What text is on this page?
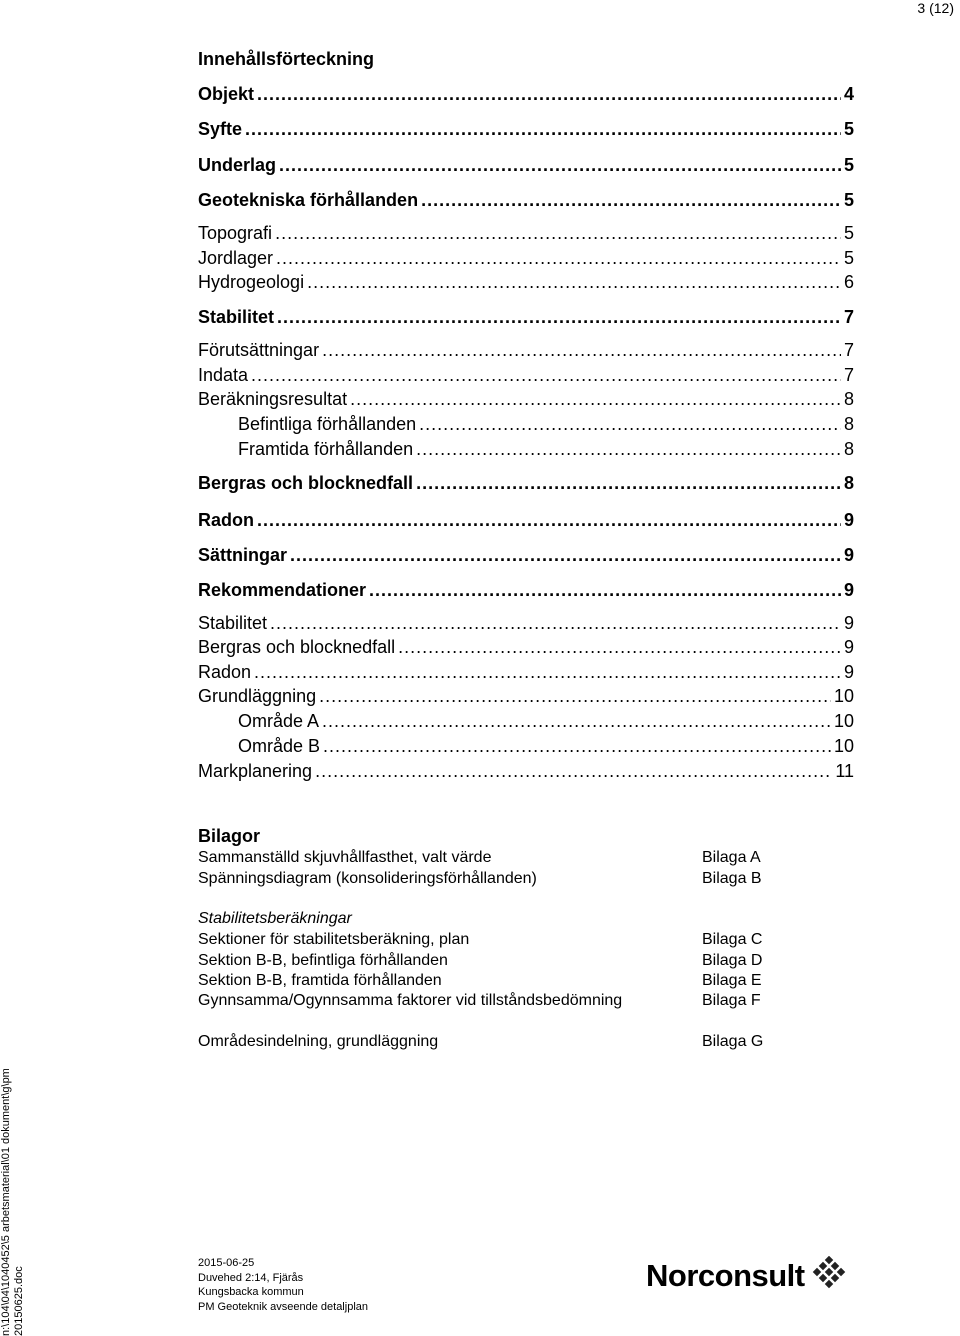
3 (12)
Innehållsförteckning
Objekt .....	4
Syfte .....	5
Underlag .....	5
Geotekniska förhållanden .....	5
Topografi .....	5
Jordlager .....	5
Hydrogeologi .....	6
Stabilitet .....	7
Förutsättningar .....	7
Indata .....	7
Beräkningsresultat .....	8
Befintliga förhållanden .....	8
Framtida förhållanden .....	8
Bergras och blocknedfall .....	8
Radon .....	9
Sättningar .....	9
Rekommendationer .....	9
Stabilitet .....	9
Bergras och blocknedfall .....	9
Radon .....	9
Grundläggning .....	10
Område A .....	10
Område B .....	10
Markplanering .....	11
Bilagor
Sammanställd skjuvhållfasthet, valt värde	Bilaga A
Spänningsdiagram (konsolideringsförhållanden)	Bilaga B
Stabilitetsberäkningar
Sektioner för stabilitetsberäkning, plan	Bilaga C
Sektion B-B, befintliga förhållanden	Bilaga D
Sektion B-B, framtida förhållanden	Bilaga E
Gynnsamma/Ogynnsamma faktorer vid tillståndsbedömning	Bilaga F
Områdesindelning, grundläggning	Bilaga G
n:\104\04\1040452\5 arbetsmaterial\01 dokument\g\pm 20150625.doc
2015-06-25
Duvehed 2:14, Fjärås
Kungsbacka kommun
PM Geoteknik avseende detaljplan
Norconsult
